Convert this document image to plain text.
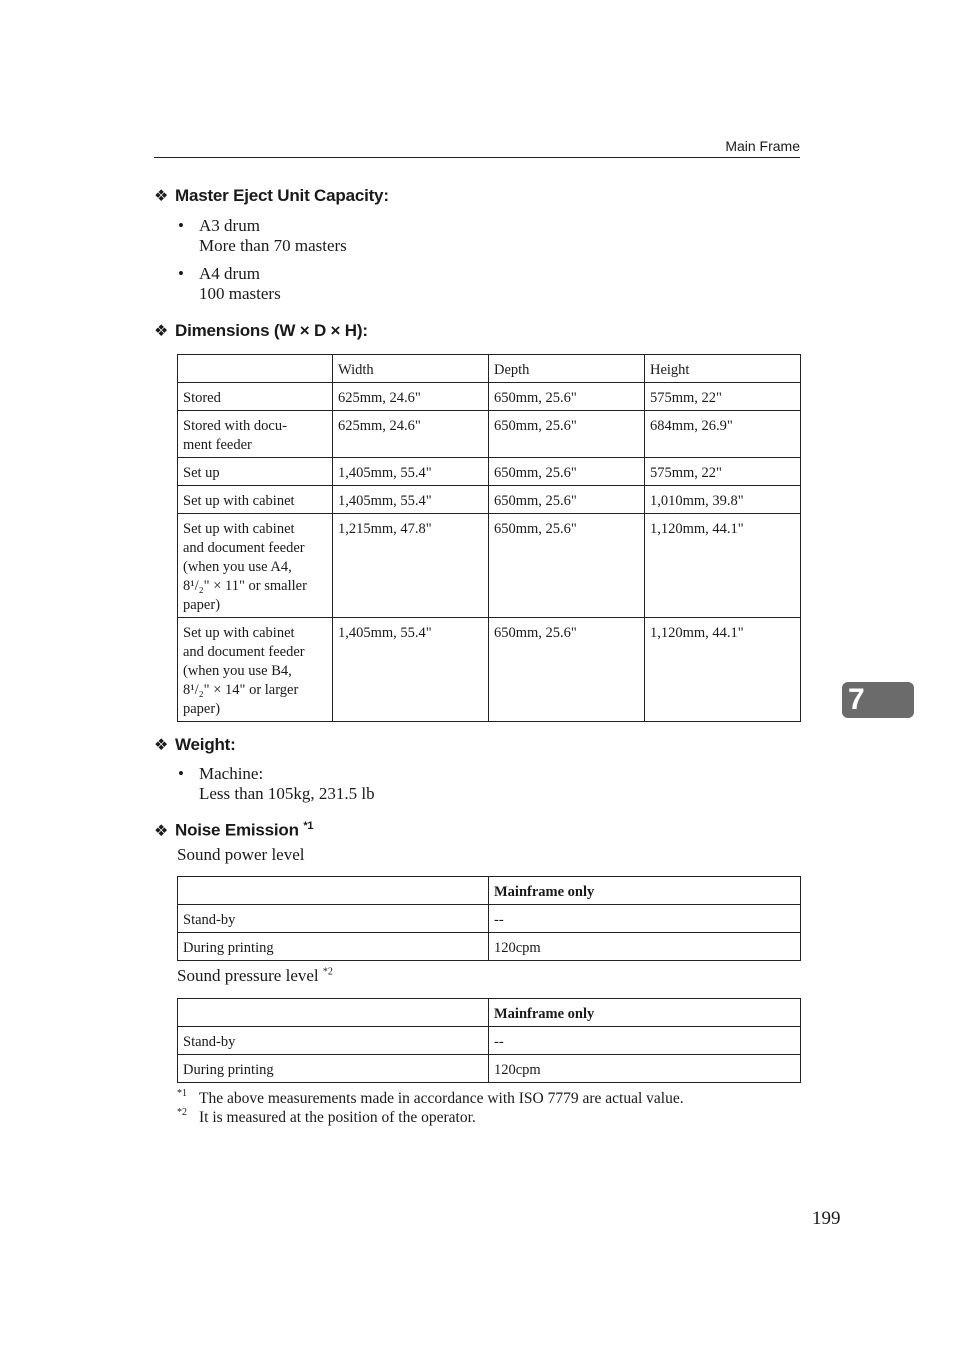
Main Frame
❖ Master Eject Unit Capacity:
• A3 drum
More than 70 masters
• A4 drum
100 masters
❖ Dimensions (W × D × H):
	Width	Depth	Height
Stored	625mm, 24.6"	650mm, 25.6"	575mm, 22"
Stored with docu-
ment feeder	625mm, 24.6"	650mm, 25.6"	684mm, 26.9"
Set up	1,405mm, 55.4"	650mm, 25.6"	575mm, 22"
Set up with cabinet	1,405mm, 55.4"	650mm, 25.6"	1,010mm, 39.8"
Set up with cabinet
and document feeder
(when you use A4,
8¹/₂" × 11" or smaller
paper)	1,215mm, 47.8"	650mm, 25.6"	1,120mm, 44.1"
Set up with cabinet
and document feeder
(when you use B4,
8¹/₂" × 14" or larger
paper)	1,405mm, 55.4"	650mm, 25.6"	1,120mm, 44.1"
❖ Weight:
• Machine:
Less than 105kg, 231.5 lb
❖ Noise Emission $^{*1}$
Sound power level
	Mainframe only
Stand-by	--
During printing	120cpm
Sound pressure level $^{*2}$
	Mainframe only
Stand-by	--
During printing	120cpm
*1 The above measurements made in accordance with ISO 7779 are actual value.
*2 It is measured at the position of the operator.
7
199
